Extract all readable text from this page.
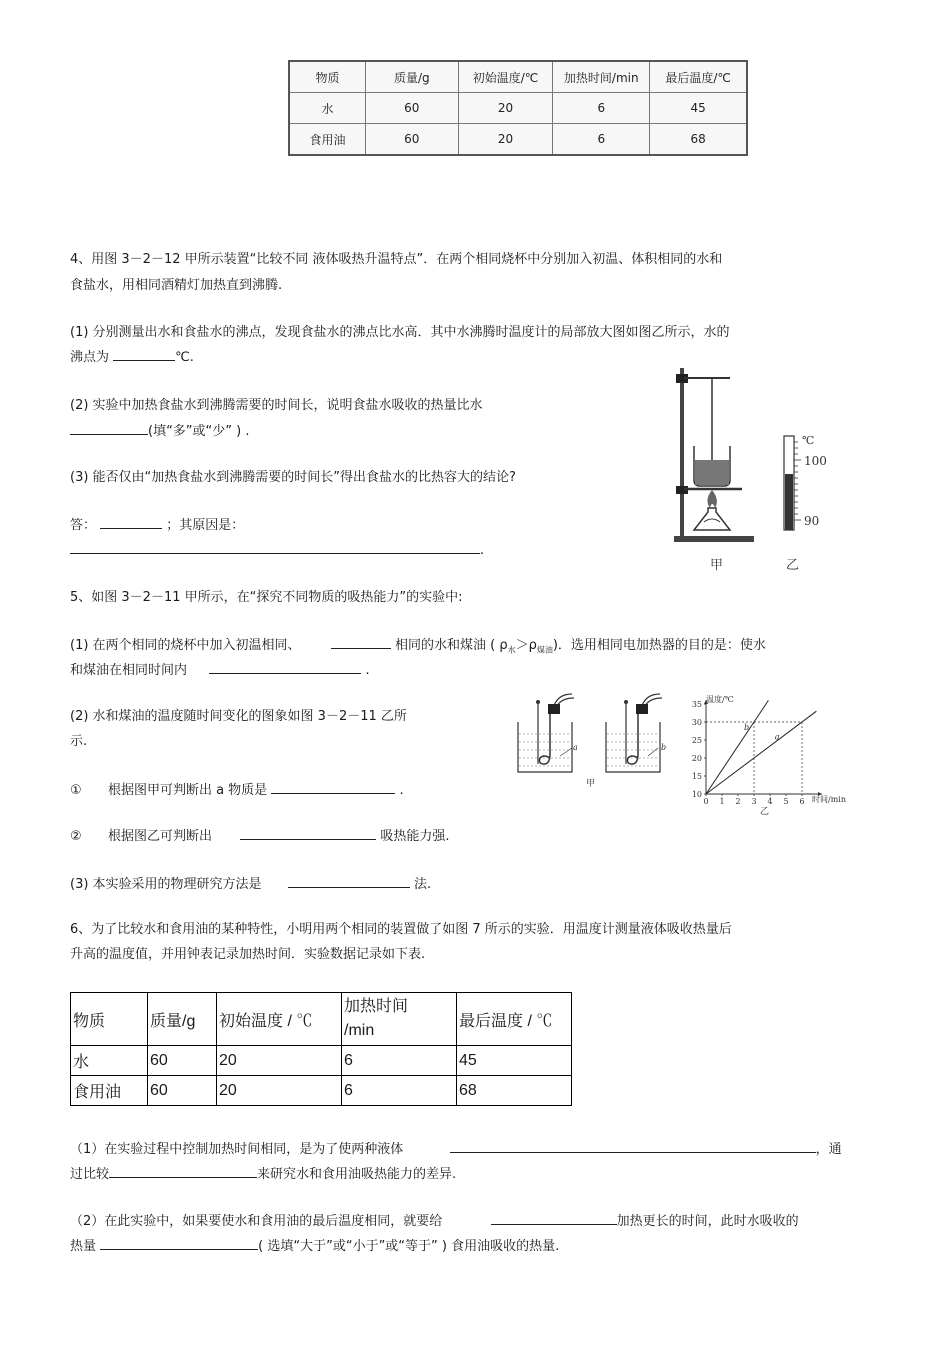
物质	质量/g	初始温度/℃	加热时间/min	最后温度/℃
水	60	20	6	45
食用油	60	20	6	68
4、用图 3－2－12 甲所示装置“比较不同 液体吸热升温特点”．在两个相同烧杯中分别加入初温、体积相同的水和
食盐水，用相同酒精灯加热直到沸腾.
(1) 分别测量出水和食盐水的沸点，发现食盐水的沸点比水高．其中水沸腾时温度计的局部放大图如图乙所示，水的
沸点为	℃.
(2) 实验中加热食盐水到沸腾需要的时间长，说明食盐水吸收的热量比水
(填“多”或“少” ) .
(3) 能否仅由“加热食盐水到沸腾需要的时间长”得出食盐水的比热容大的结论?
答：	；其原因是：
.
甲
℃
100
90
乙
5、如图 3－2－11 甲所示，在“探究不同物质的吸热能力”的实验中:
(1) 在两个相同的烧杯中加入初温相同、	相同的水和煤油 ( $\rho_水>\rho_{煤油}$)．选用相同电加热器的目的是：使水
和煤油在相同时间内	.
(2) 水和煤油的温度随时间变化的图象如图 3－2－11 乙所
示.
① 根据图甲可判断出 a 物质是	.
② 根据图乙可判断出	吸热能力强.
(3) 本实验采用的物理研究方法是	法.
a
甲
b
10
15
20
25
30
35
0 1 2 3 4 5 6
a
b
温度/℃
时间/min
乙
6、为了比较水和食用油的某种特性，小明用两个相同的装置做了如图 7 所示的实验．用温度计测量液体吸收热量后
升高的温度值，并用钟表记录加热时间．实验数据记录如下表.
物质	质量/g	初始温度 / ℃	加热时间
/min	最后温度 / ℃
水	60	20	6	45
食用油	60	20	6	68
（1）在实验过程中控制加热时间相同，是为了使两种液体	，通
过比较	来研究水和食用油吸热能力的差异.
（2）在此实验中，如果要使水和食用油的最后温度相同，就要给	加热更长的时间，此时水吸收的
热量	( 选填“大于”或“小于”或“等于” ) 食用油吸收的热量.
